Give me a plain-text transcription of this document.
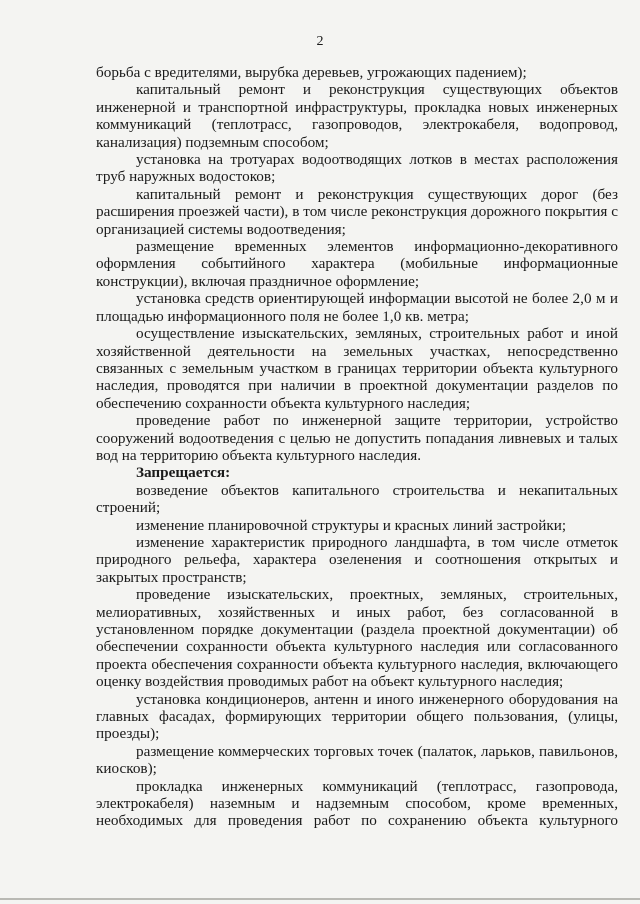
2

борьба с вредителями, вырубка деревьев, угрожающих падением);

капитальный ремонт и реконструкция существующих объектов инженерной и транспортной инфраструктуры, прокладка новых инженерных коммуникаций (теплотрасс, газопроводов, электрокабеля, водопровод, канализация) подземным способом;

установка на тротуарах водоотводящих лотков в местах расположения труб наружных водостоков;

капитальный ремонт и реконструкция существующих дорог (без расширения проезжей части), в том числе реконструкция дорожного покрытия с организацией системы водоотведения;

размещение временных элементов информационно-декоративного оформления событийного характера (мобильные информационные конструкции), включая праздничное оформление;

установка средств ориентирующей информации высотой не более 2,0 м и площадью информационного поля не более 1,0 кв. метра;

осуществление изыскательских, земляных, строительных работ и иной хозяйственной деятельности на земельных участках, непосредственно связанных с земельным участком в границах территории объекта культурного наследия, проводятся при наличии в проектной документации разделов по обеспечению сохранности объекта культурного наследия;

проведение работ по инженерной защите территории, устройство сооружений водоотведения с целью не допустить попадания ливневых и талых вод на территорию объекта культурного наследия.

Запрещается:

возведение объектов капитального строительства и некапитальных строений;

изменение планировочной структуры и красных линий застройки;

изменение характеристик природного ландшафта, в том числе отметок природного рельефа, характера озеленения и соотношения открытых и закрытых пространств;

проведение изыскательских, проектных, земляных, строительных, мелиоративных, хозяйственных и иных работ, без согласованной в установленном порядке документации (раздела проектной документации) об обеспечении сохранности объекта культурного наследия или согласованного проекта обеспечения сохранности объекта культурного наследия, включающего оценку воздействия проводимых работ на объект культурного наследия;

установка кондиционеров, антенн и иного инженерного оборудования на главных фасадах, формирующих территории общего пользования, (улицы, проезды);

размещение коммерческих торговых точек (палаток, ларьков, павильонов, киосков);

прокладка инженерных коммуникаций (теплотрасс, газопровода, электрокабеля) наземным и надземным способом, кроме временных, необходимых для проведения работ по сохранению объекта культурного
